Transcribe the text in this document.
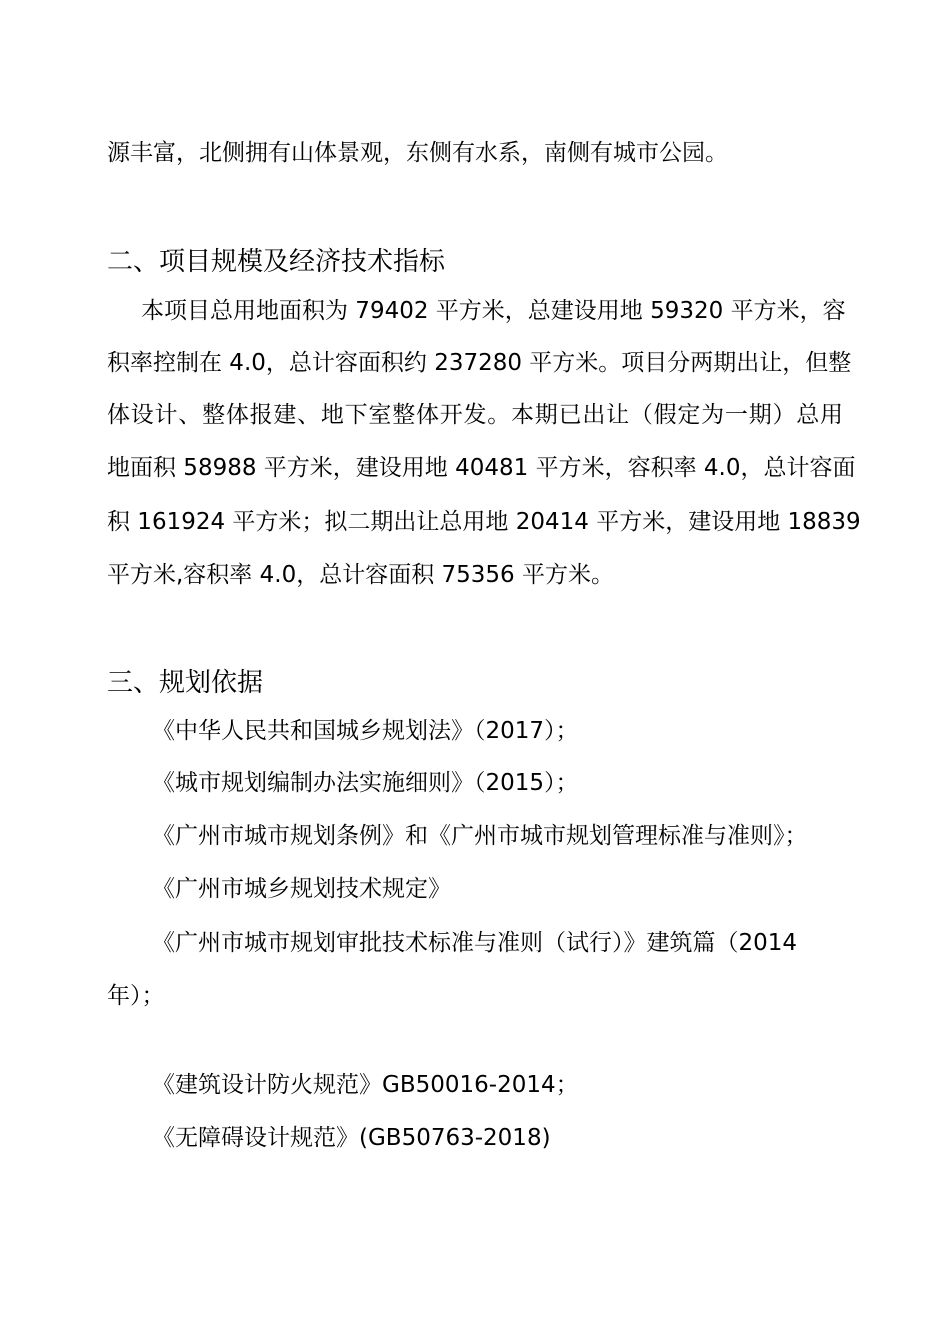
源丰富，北侧拥有山体景观，东侧有水系，南侧有城市公园。
二、项目规模及经济技术指标
本项目总用地面积为 79402 平方米，总建设用地 59320 平方米，容
积率控制在 4.0，总计容面积约 237280 平方米。项目分两期出让，但整
体设计、整体报建、地下室整体开发。本期已出让（假定为一期）总用
地面积 58988 平方米，建设用地 40481 平方米，容积率 4.0，总计容面
积 161924 平方米；拟二期出让总用地 20414 平方米，建设用地 18839
平方米,容积率 4.0，总计容面积 75356 平方米。
三、规划依据
《中华人民共和国城乡规划法》（2017）；
《城市规划编制办法实施细则》（2015）；
《广州市城市规划条例》和《广州市城市规划管理标准与准则》；
《广州市城乡规划技术规定》
《广州市城市规划审批技术标准与准则（试行）》建筑篇（2014
年）；
《建筑设计防火规范》GB50016-2014；
《无障碍设计规范》(GB50763-2018)
